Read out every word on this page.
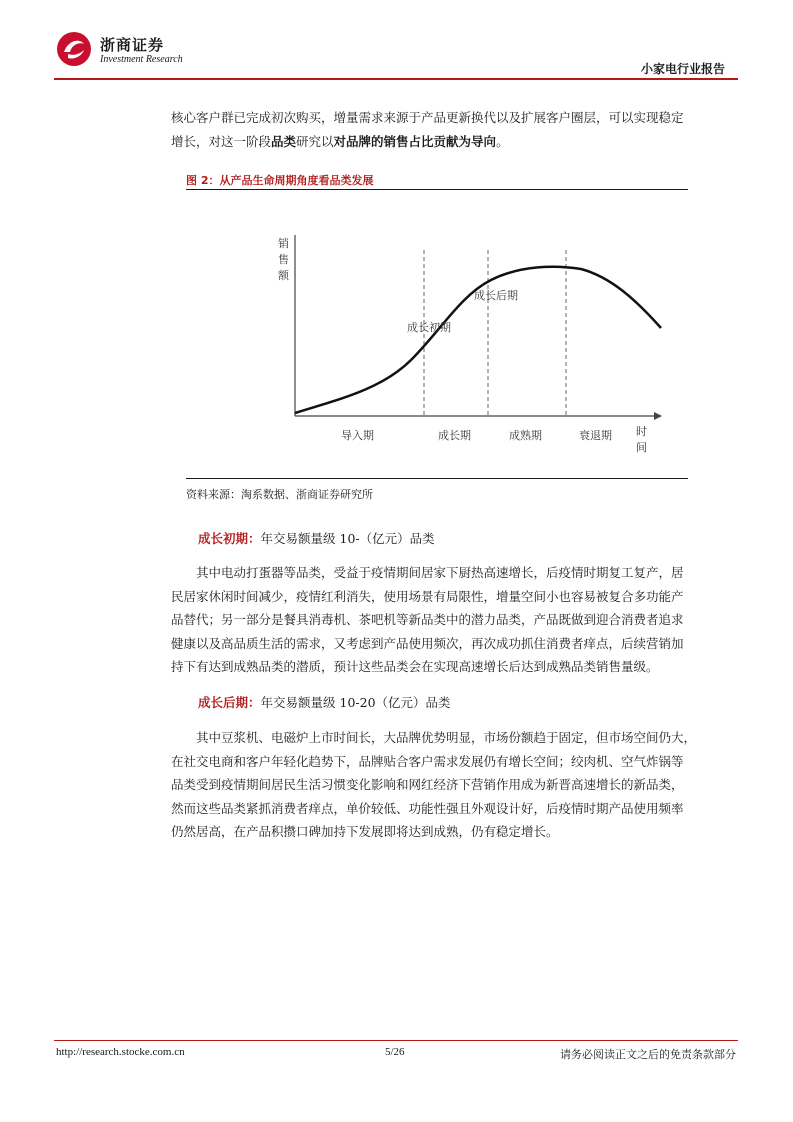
浙商证券
Investment Research
小家电行业报告
核心客户群已完成初次购买，增量需求来源于产品更新换代以及扩展客户圈层，可以实现稳定
增长，对这一阶段品类研究以对品牌的销售占比贡献为导向。
图 2：从产品生命周期角度看品类发展
销
售
额
时
间
导入期	成长期	成熟期	衰退期
成长初期
成长后期
资料来源：淘系数据、浙商证券研究所
成长初期：年交易额量级 10-（亿元）品类
其中电动打蛋器等品类，受益于疫情期间居家下厨热高速增长，后疫情时期复工复产，居
民居家休闲时间减少，疫情红利消失，使用场景有局限性，增量空间小也容易被复合多功能产
品替代；另一部分是餐具消毒机、茶吧机等新品类中的潜力品类，产品既做到迎合消费者追求
健康以及高品质生活的需求，又考虑到产品使用频次，再次成功抓住消费者痒点，后续营销加
持下有达到成熟品类的潜质，预计这些品类会在实现高速增长后达到成熟品类销售量级。
成长后期：年交易额量级 10-20（亿元）品类
其中豆浆机、电磁炉上市时间长，大品牌优势明显，市场份额趋于固定，但市场空间仍大，
在社交电商和客户年轻化趋势下，品牌贴合客户需求发展仍有增长空间；绞肉机、空气炸锅等
品类受到疫情期间居民生活习惯变化影响和网红经济下营销作用成为新晋高速增长的新品类，
然而这些品类紧抓消费者痒点，单价较低、功能性强且外观设计好，后疫情时期产品使用频率
仍然居高，在产品积攒口碑加持下发展即将达到成熟，仍有稳定增长。
http://research.stocke.com.cn	5/26	请务必阅读正文之后的免责条款部分
